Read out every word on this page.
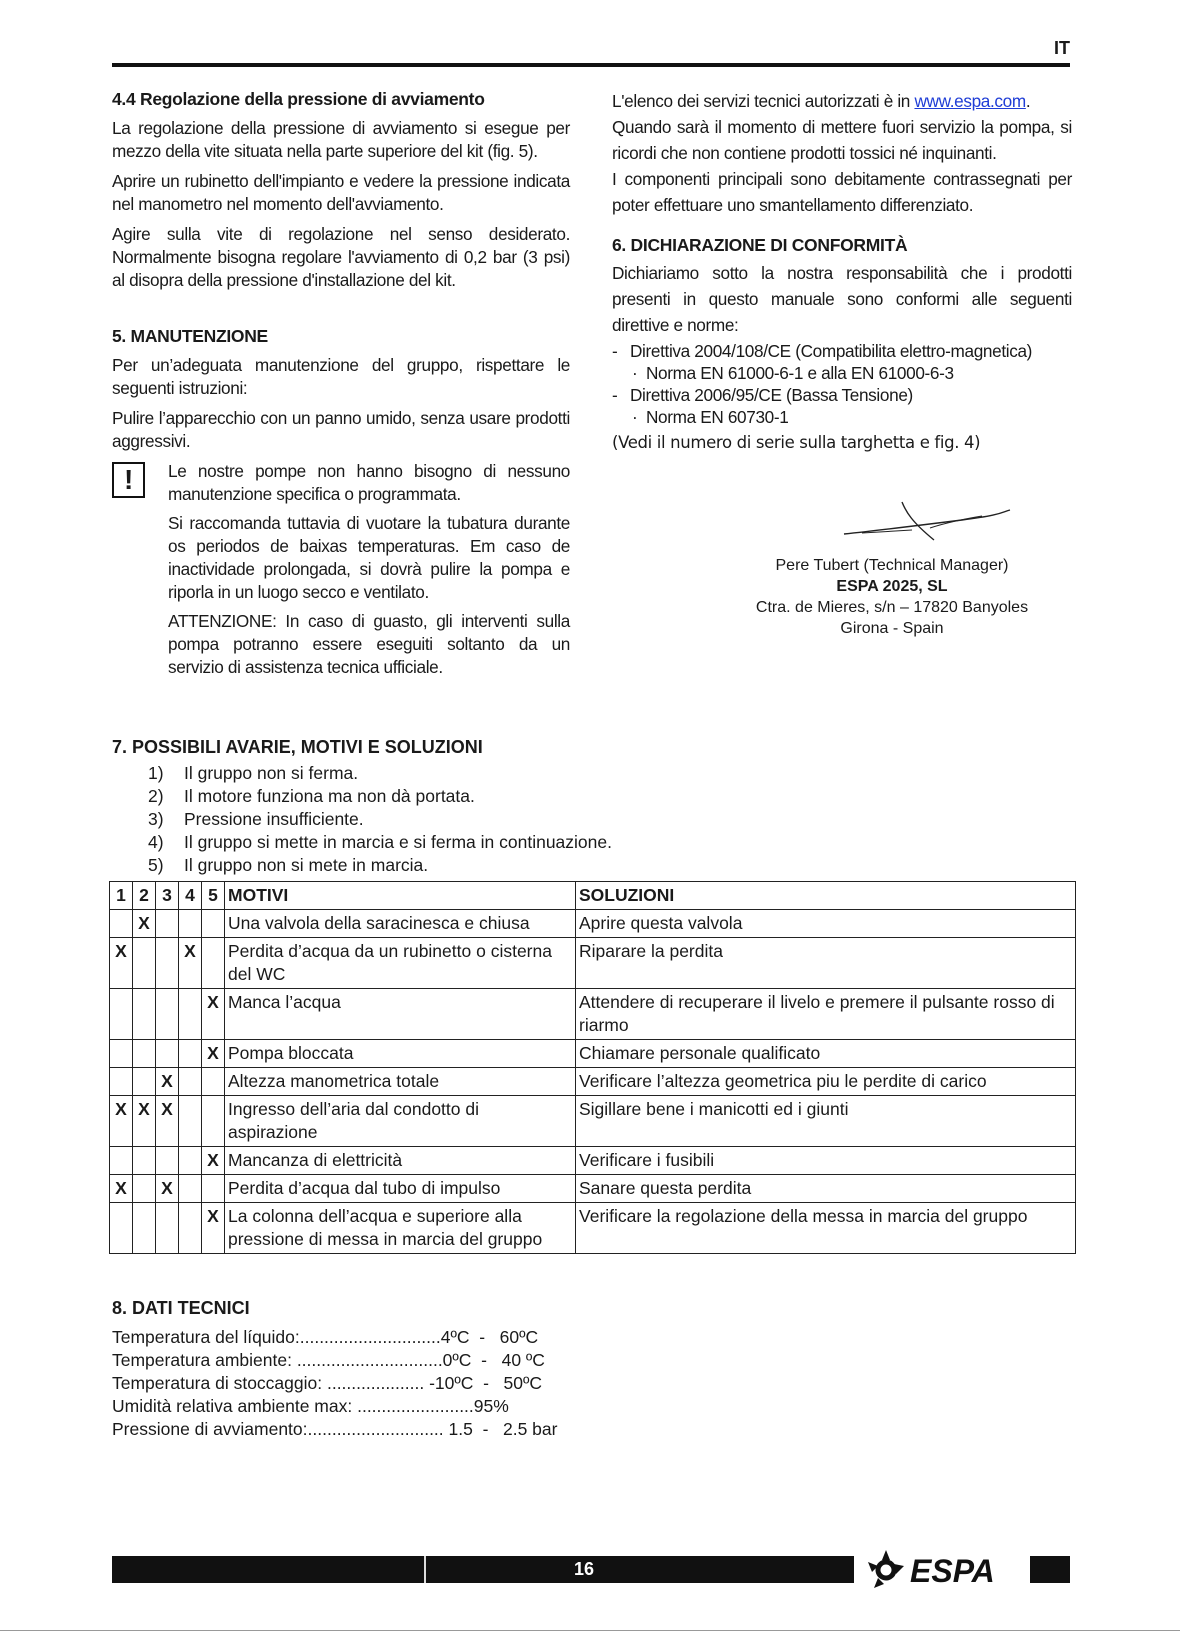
IT
4.4 Regolazione della pressione di avviamento

La regolazione della pressione di avviamento si esegue per mezzo della vite situata nella parte superiore del kit (fig. 5).

Aprire un rubinetto dell'impianto e vedere la pressione indicata nel manometro nel momento dell'avviamento.

Agire sulla vite di regolazione nel senso desiderato. Normalmente bisogna regolare l'avviamento di 0,2 bar (3 psi) al disopra della pressione d'installazione del kit.

5. MANUTENZIONE

Per un’adeguata manutenzione del gruppo, rispettare le seguenti istruzioni:

Pulire l’apparecchio con un panno umido, senza usare prodotti aggressivi.

!	Le nostre pompe non hanno bisogno di nessuno manutenzione specifica o programmata.

Si raccomanda tuttavia di vuotare la tubatura durante os periodos de baixas temperaturas. Em caso de inactividade prolongada, si dovrà pulire la pompa e riporla in un luogo secco e ventilato.

ATTENZIONE: In caso di guasto, gli interventi sulla pompa potranno essere eseguiti soltanto da un servizio di assistenza tecnica ufficiale.

L'elenco dei servizi tecnici autorizzati è in www.espa.com.

Quando sarà il momento di mettere fuori servizio la pompa, si ricordi che non contiene prodotti tossici né inquinanti.

I componenti principali sono debitamente contrassegnati per poter effettuare uno smantellamento differenziato.

6. DICHIARAZIONE DI CONFORMITÀ

Dichiariamo sotto la nostra responsabilità che i prodotti presenti in questo manuale sono conformi alle seguenti direttive e norme:

- Direttiva 2004/108/CE (Compatibilita elettro-magnetica)
· Norma EN 61000-6-1 e alla EN 61000-6-3
- Direttiva 2006/95/CE (Bassa Tensione)
· Norma EN 60730-1
(Vedi il numero di serie sulla targhetta e fig. 4)
Pere Tubert (Technical Manager)
ESPA 2025, SL
Ctra. de Mieres, s/n – 17820 Banyoles
Girona - Spain
7. POSSIBILI AVARIE, MOTIVI E SOLUZIONI
1) Il gruppo non si ferma.
2) Il motore funziona ma non dà portata.
3) Pressione insufficiente.
4) Il gruppo si mette in marcia e si ferma in continuazione.
5) Il gruppo non si mete in marcia.
1	2	3	4	5	MOTIVI	SOLUZIONI
	X				Una valvola della saracinesca e chiusa	Aprire questa valvola
X			X		Perdita d’acqua da un rubinetto o cisterna del WC	Riparare la perdita
				X	Manca l’acqua	Attendere di recuperare il livelo e premere il pulsante rosso di riarmo
				X	Pompa bloccata	Chiamare personale qualificato
		X			Altezza manometrica totale	Verificare l’altezza geometrica piu le perdite di carico
X	X	X			Ingresso dell’aria dal condotto di aspirazione	Sigillare bene i manicotti ed i giunti
				X	Mancanza di elettricità	Verificare i fusibili
X		X			Perdita d’acqua dal tubo di impulso	Sanare questa perdita
				X	La colonna dell’acqua e superiore alla pressione di messa in marcia del gruppo	Verificare la regolazione della messa in marcia del gruppo
8. DATI TECNICI
Temperatura del líquido:.............................4ºC  -   60ºC
Temperatura ambiente: ..............................0ºC  -   40 ºC
Temperatura di stoccaggio: .................... -10ºC  -   50ºC
Umidità relativa ambiente max: ........................95%
Pressione di avviamento:............................ 1.5  -   2.5 bar
16	ESPA
